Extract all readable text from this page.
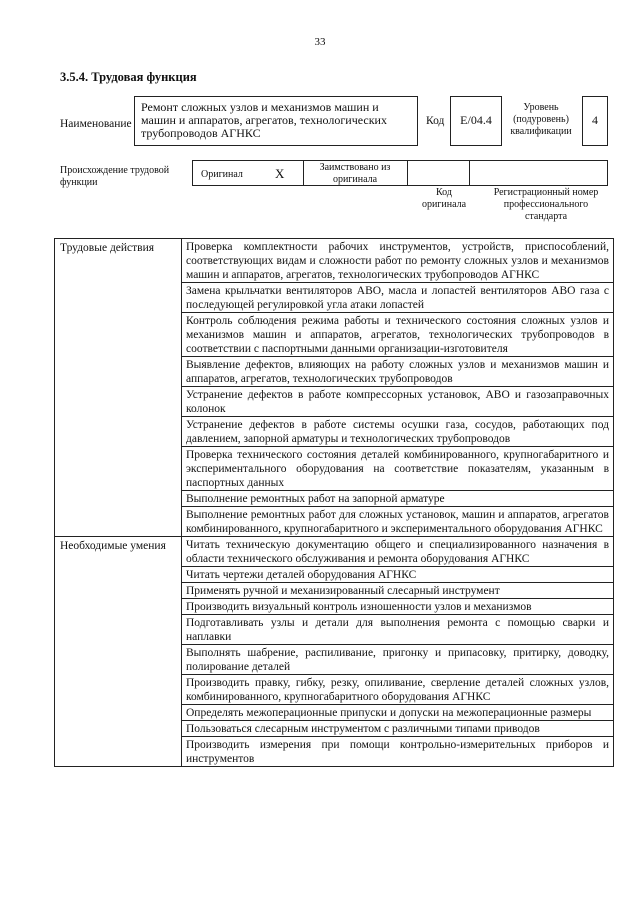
33
3.5.4. Трудовая функция
Наименование
Ремонт сложных узлов и механизмов машин и машин и аппаратов, агрегатов, технологических трубопроводов АГНКС
Код	E/04.4
Уровень (подуровень) квалификации
4
Происхождение трудовой функции
Оригинал X	Заимствовано из оригинала
Код оригинала
Регистрационный номер профессионального стандарта
Трудовые действия	Проверка комплектности рабочих инструментов, устройств, приспособлений, соответствующих видам и сложности работ по ремонту сложных узлов и механизмов машин и аппаратов, агрегатов, технологических трубопроводов АГНКС
	Замена крыльчатки вентиляторов АВО, масла и лопастей вентиляторов АВО газа с последующей регулировкой угла атаки лопастей
	Контроль соблюдения режима работы и технического состояния сложных узлов и механизмов машин и аппаратов, агрегатов, технологических трубопроводов в соответствии с паспортными данными организации-изготовителя
	Выявление дефектов, влияющих на работу сложных узлов и механизмов машин и аппаратов, агрегатов, технологических трубопроводов
	Устранение дефектов в работе компрессорных установок, АВО и газозаправочных колонок
	Устранение дефектов в работе системы осушки газа, сосудов, работающих под давлением, запорной арматуры и технологических трубопроводов
	Проверка технического состояния деталей комбинированного, крупногабаритного и экспериментального оборудования на соответствие показателям, указанным в паспортных данных
	Выполнение ремонтных работ на запорной арматуре
	Выполнение ремонтных работ для сложных установок, машин и аппаратов, агрегатов комбинированного, крупногабаритного и экспериментального оборудования АГНКС
Необходимые умения	Читать техническую документацию общего и специализированного назначения в области технического обслуживания и ремонта оборудования АГНКС
	Читать чертежи деталей оборудования АГНКС
	Применять ручной и механизированный слесарный инструмент
	Производить визуальный контроль изношенности узлов и механизмов
	Подготавливать узлы и детали для выполнения ремонта с помощью сварки и наплавки
	Выполнять шабрение, распиливание, пригонку и припасовку, притирку, доводку, полирование деталей
	Производить правку, гибку, резку, опиливание, сверление деталей сложных узлов, комбинированного, крупногабаритного оборудования АГНКС
	Определять межоперационные припуски и допуски на межоперационные размеры
	Пользоваться слесарным инструментом с различными типами приводов
	Производить измерения при помощи контрольно-измерительных приборов и инструментов
